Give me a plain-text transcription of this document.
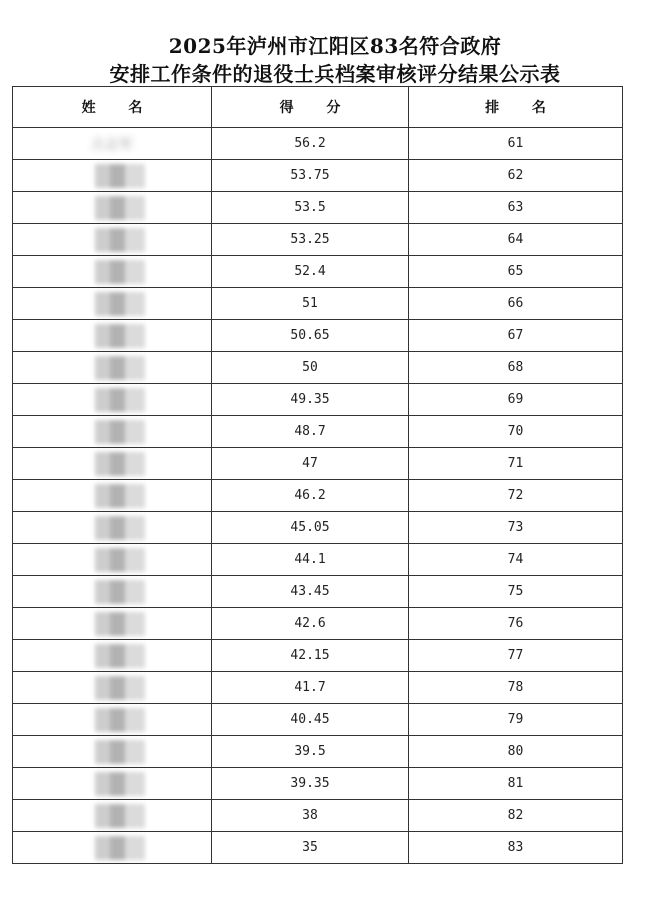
2025年泸州市江阳区83名符合政府
安排工作条件的退役士兵档案审核评分结果公示表
姓 名	得 分	排 名
古志军	56.2	61

	53.75	62

	53.5	63

	53.25	64

	52.4	65

	51	66

	50.65	67

	50	68

	49.35	69

	48.7	70

	47	71

	46.2	72

	45.05	73

	44.1	74

	43.45	75

	42.6	76

	42.15	77

	41.7	78

	40.45	79

	39.5	80

	39.35	81

	38	82

	35	83
